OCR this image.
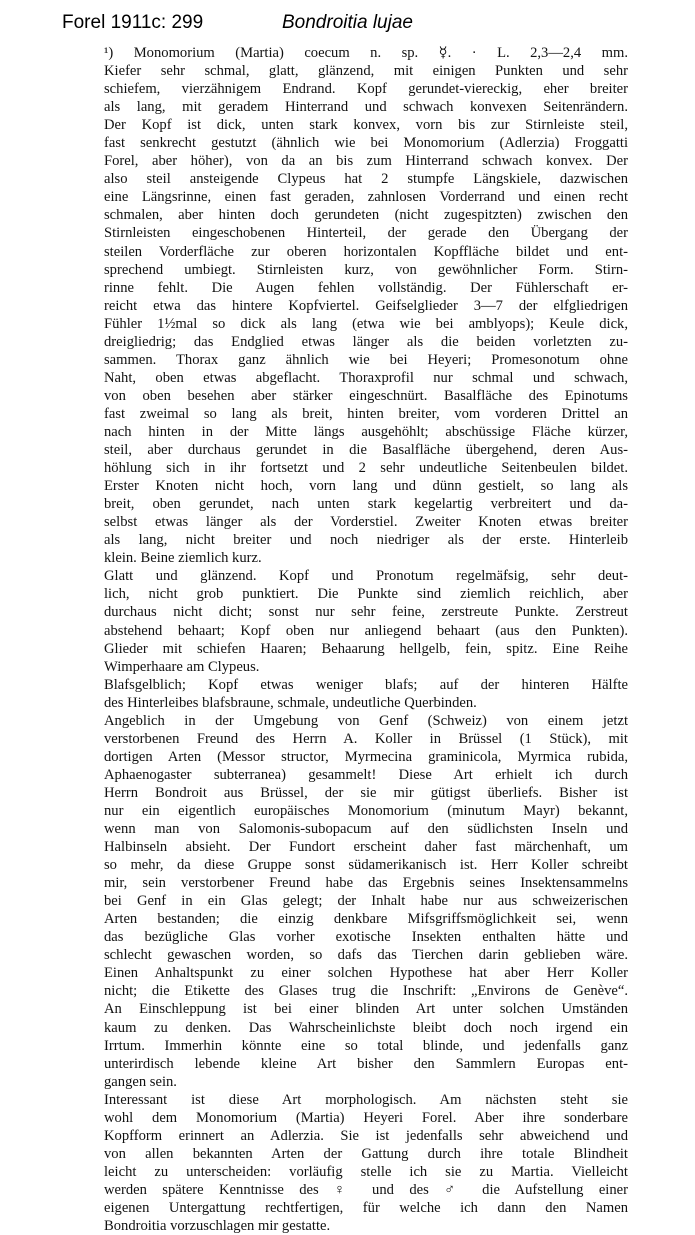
Forel 1911c: 299	Bondroitia lujae
¹) Monomorium (Martia) coecum n. sp. ☿. · L. 2,3—2,4 mm.
Kiefer sehr schmal, glatt, glänzend, mit einigen Punkten und sehr
schiefem, vierzähnigem Endrand. Kopf gerundet-viereckig, eher breiter
als lang, mit geradem Hinterrand und schwach konvexen Seitenrändern.
Der Kopf ist dick, unten stark konvex, vorn bis zur Stirnleiste steil,
fast senkrecht gestutzt (ähnlich wie bei Monomorium (Adlerzia) Froggatti
Forel, aber höher), von da an bis zum Hinterrand schwach konvex. Der
also steil ansteigende Clypeus hat 2 stumpfe Längskiele, dazwischen
eine Längsrinne, einen fast geraden, zahnlosen Vorderrand und einen recht
schmalen, aber hinten doch gerundeten (nicht zugespitzten) zwischen den
Stirnleisten eingeschobenen Hinterteil, der gerade den Übergang der
steilen Vorderfläche zur oberen horizontalen Kopffläche bildet und ent-
sprechend umbiegt. Stirnleisten kurz, von gewöhnlicher Form. Stirn-
rinne fehlt. Die Augen fehlen vollständig. Der Fühlerschaft er-
reicht etwa das hintere Kopfviertel. Geifselglieder 3—7 der elfgliedrigen
Fühler 1½mal so dick als lang (etwa wie bei amblyops); Keule dick,
dreigliedrig; das Endglied etwas länger als die beiden vorletzten zu-
sammen. Thorax ganz ähnlich wie bei Heyeri; Promesonotum ohne
Naht, oben etwas abgeflacht. Thoraxprofil nur schmal und schwach,
von oben besehen aber stärker eingeschnürt. Basalfläche des Epinotums
fast zweimal so lang als breit, hinten breiter, vom vorderen Drittel an
nach hinten in der Mitte längs ausgehöhlt; abschüssige Fläche kürzer,
steil, aber durchaus gerundet in die Basalfläche übergehend, deren Aus-
höhlung sich in ihr fortsetzt und 2 sehr undeutliche Seitenbeulen bildet.
Erster Knoten nicht hoch, vorn lang und dünn gestielt, so lang als
breit, oben gerundet, nach unten stark kegelartig verbreitert und da-
selbst etwas länger als der Vorderstiel. Zweiter Knoten etwas breiter
als lang, nicht breiter und noch niedriger als der erste. Hinterleib
klein. Beine ziemlich kurz.
Glatt und glänzend. Kopf und Pronotum regelmäfsig, sehr deut-
lich, nicht grob punktiert. Die Punkte sind ziemlich reichlich, aber
durchaus nicht dicht; sonst nur sehr feine, zerstreute Punkte. Zerstreut
abstehend behaart; Kopf oben nur anliegend behaart (aus den Punkten).
Glieder mit schiefen Haaren; Behaarung hellgelb, fein, spitz. Eine Reihe
Wimperhaare am Clypeus.
Blafsgelblich; Kopf etwas weniger blafs; auf der hinteren Hälfte
des Hinterleibes blafsbraune, schmale, undeutliche Querbinden.
Angeblich in der Umgebung von Genf (Schweiz) von einem jetzt
verstorbenen Freund des Herrn A. Koller in Brüssel (1 Stück), mit
dortigen Arten (Messor structor, Myrmecina graminicola, Myrmica rubida,
Aphaenogaster subterranea) gesammelt! Diese Art erhielt ich durch
Herrn Bondroit aus Brüssel, der sie mir gütigst überliefs. Bisher ist
nur ein eigentlich europäisches Monomorium (minutum Mayr) bekannt,
wenn man von Salomonis-subopacum auf den südlichsten Inseln und
Halbinseln absieht. Der Fundort erscheint daher fast märchenhaft, um
so mehr, da diese Gruppe sonst südamerikanisch ist. Herr Koller schreibt
mir, sein verstorbener Freund habe das Ergebnis seines Insektensammelns
bei Genf in ein Glas gelegt; der Inhalt habe nur aus schweizerischen
Arten bestanden; die einzig denkbare Mifsgriffsmöglichkeit sei, wenn
das bezügliche Glas vorher exotische Insekten enthalten hätte und
schlecht gewaschen worden, so dafs das Tierchen darin geblieben wäre.
Einen Anhaltspunkt zu einer solchen Hypothese hat aber Herr Koller
nicht; die Etikette des Glases trug die Inschrift: „Environs de Genève“.
An Einschleppung ist bei einer blinden Art unter solchen Umständen
kaum zu denken. Das Wahrscheinlichste bleibt doch noch irgend ein
Irrtum. Immerhin könnte eine so total blinde, und jedenfalls ganz
unterirdisch lebende kleine Art bisher den Sammlern Europas ent-
gangen sein.
Interessant ist diese Art morphologisch. Am nächsten steht sie
wohl dem Monomorium (Martia) Heyeri Forel. Aber ihre sonderbare
Kopfform erinnert an Adlerzia. Sie ist jedenfalls sehr abweichend und
von allen bekannten Arten der Gattung durch ihre totale Blindheit
leicht zu unterscheiden: vorläufig stelle ich sie zu Martia. Vielleicht
werden spätere Kenntnisse des ♀ und des ♂ die Aufstellung einer
eigenen Untergattung rechtfertigen, für welche ich dann den Namen
Bondroitia vorzuschlagen mir gestatte.
